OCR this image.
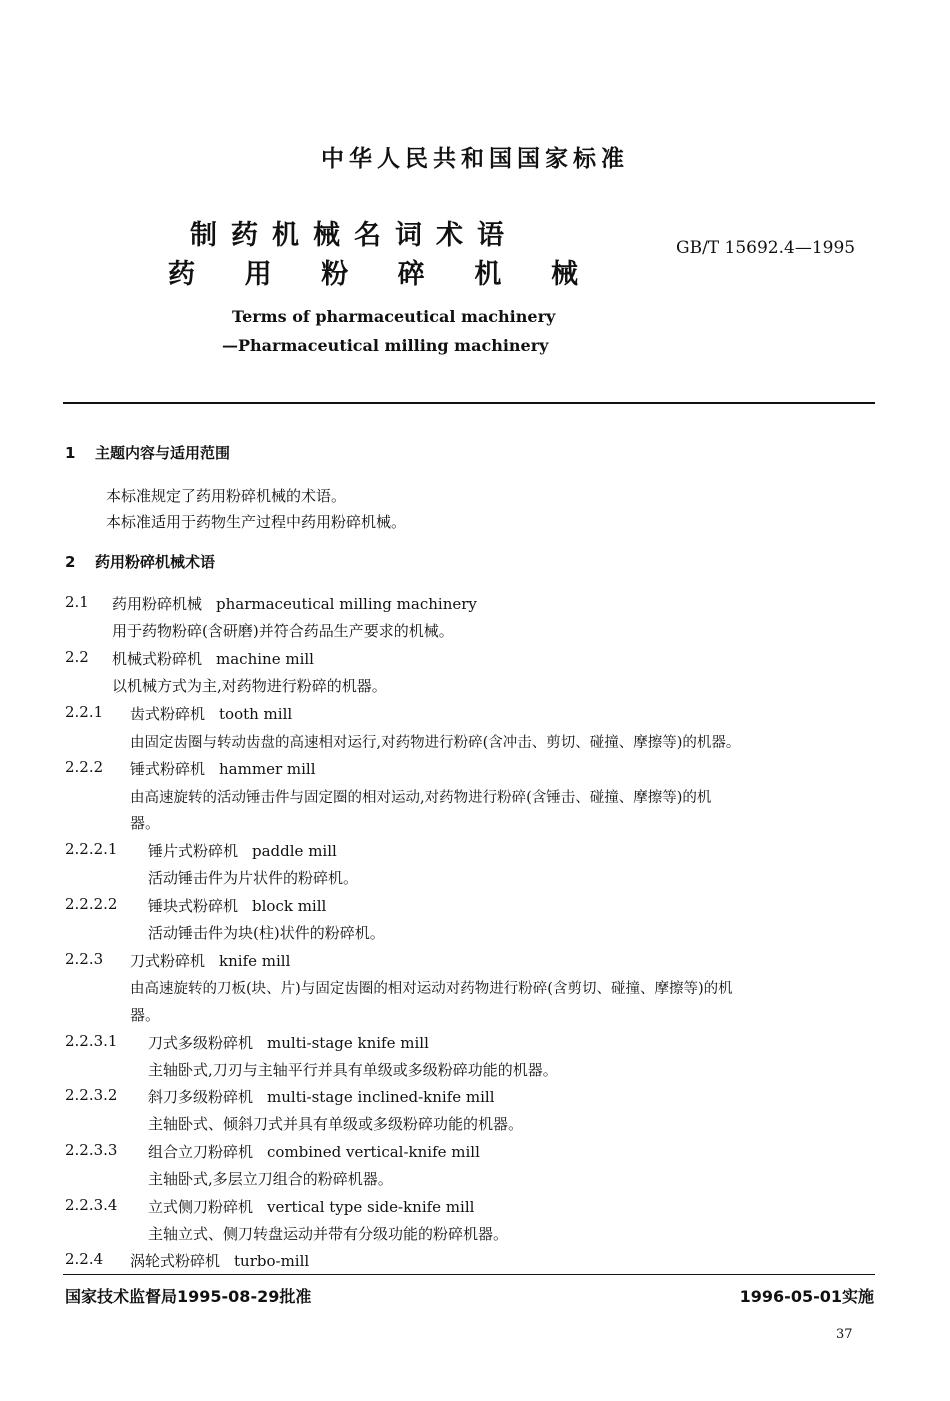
中华人民共和国国家标准
制药机械名词术语
药 用 粉 碎 机 械
GB/T 15692.4—1995
Terms of pharmaceutical machinery
—Pharmaceutical milling machinery
1 主题内容与适用范围
本标准规定了药用粉碎机械的术语。
本标准适用于药物生产过程中药用粉碎机械。
2 药用粉碎机械术语
2.1 药用粉碎机械 pharmaceutical milling machinery
用于药物粉碎(含研磨)并符合药品生产要求的机械。
2.2 机械式粉碎机 machine mill
以机械方式为主,对药物进行粉碎的机器。
2.2.1 齿式粉碎机 tooth mill
由固定齿圈与转动齿盘的高速相对运行,对药物进行粉碎(含冲击、剪切、碰撞、摩擦等)的机器。
2.2.2 锤式粉碎机 hammer mill
由高速旋转的活动锤击件与固定圈的相对运动,对药物进行粉碎(含锤击、碰撞、摩擦等)的机
器。
2.2.2.1 锤片式粉碎机 paddle mill
活动锤击件为片状件的粉碎机。
2.2.2.2 锤块式粉碎机 block mill
活动锤击件为块(柱)状件的粉碎机。
2.2.3 刀式粉碎机 knife mill
由高速旋转的刀板(块、片)与固定齿圈的相对运动对药物进行粉碎(含剪切、碰撞、摩擦等)的机
器。
2.2.3.1 刀式多级粉碎机 multi-stage knife mill
主轴卧式,刀刃与主轴平行并具有单级或多级粉碎功能的机器。
2.2.3.2 斜刀多级粉碎机 multi-stage inclined-knife mill
主轴卧式、倾斜刀式并具有单级或多级粉碎功能的机器。
2.2.3.3 组合立刀粉碎机 combined vertical-knife mill
主轴卧式,多层立刀组合的粉碎机器。
2.2.3.4 立式侧刀粉碎机 vertical type side-knife mill
主轴立式、侧刀转盘运动并带有分级功能的粉碎机器。
2.2.4 涡轮式粉碎机 turbo-mill
国家技术监督局1995-08-29批准	1996-05-01实施
37
